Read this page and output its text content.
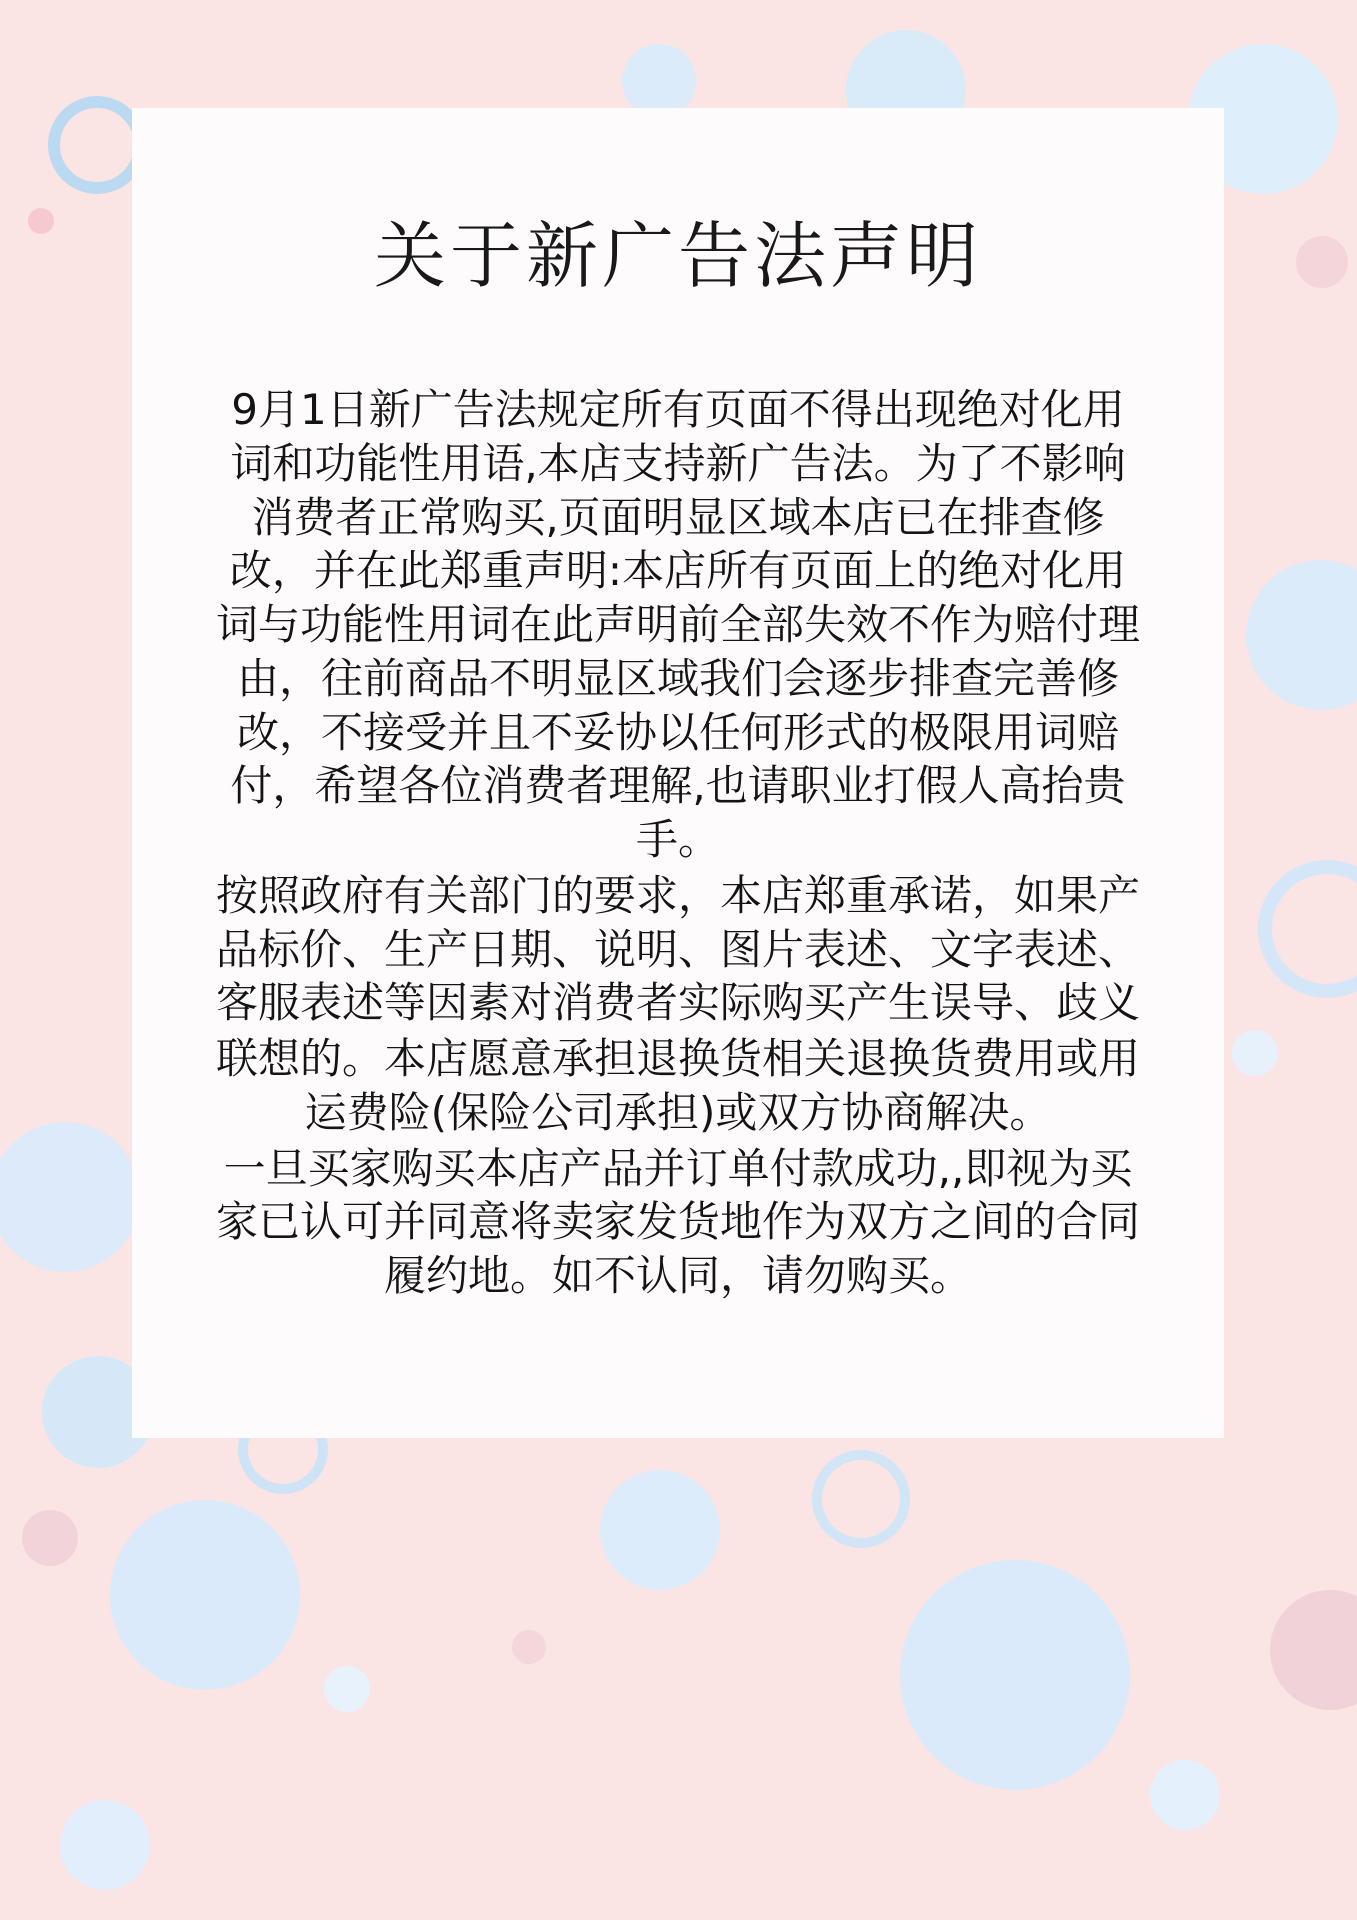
关于新广告法声明

9月1日新广告法规定所有页面不得出现绝对化用词和功能性用语,本店支持新广告法。为了不影响消费者正常购买,页面明显区域本店已在排查修改，并在此郑重声明:本店所有页面上的绝对化用词与功能性用词在此声明前全部失效不作为赔付理由，往前商品不明显区域我们会逐步排查完善修改，不接受并且不妥协以任何形式的极限用词赔付，希望各位消费者理解,也请职业打假人高抬贵手。

按照政府有关部门的要求，本店郑重承诺，如果产品标价、生产日期、说明、图片表述、文字表述、客服表述等因素对消费者实际购买产生误导、歧义

联想的。本店愿意承担退换货相关退换货费用或用运费险(保险公司承担)或双方协商解决。

一旦买家购买本店产品并订单付款成功,,即视为买家已认可并同意将卖家发货地作为双方之间的合同履约地。如不认同，请勿购买。
